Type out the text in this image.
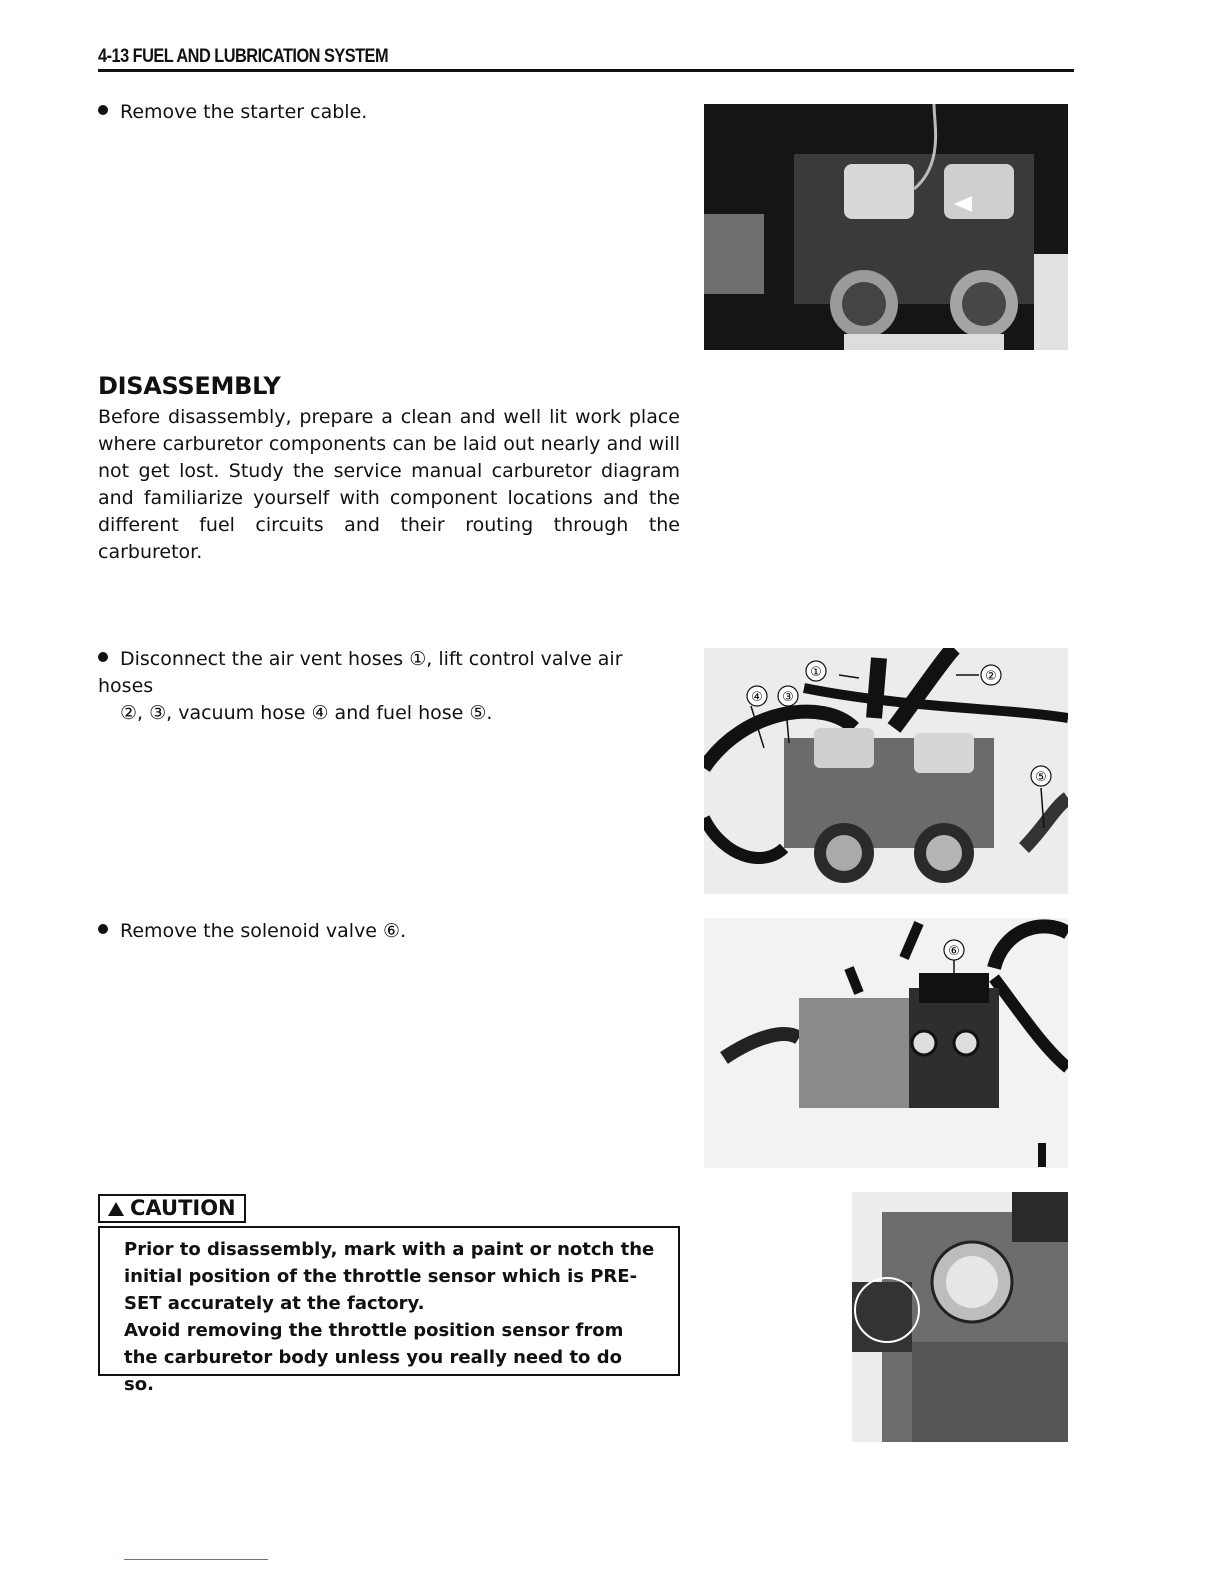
4-13 FUEL AND LUBRICATION SYSTEM
Remove the starter cable.
DISASSEMBLY
Before disassembly, prepare a clean and well lit work place where carburetor components can be laid out nearly and will not get lost. Study the service manual carburetor diagram and familiarize yourself with component locations and the different fuel circuits and their routing through the carburetor.
Disconnect the air vent hoses ①, lift control valve air hoses
②, ③, vacuum hose ④ and fuel hose ⑤.
①	②
④ ③
⑤
Remove the solenoid valve ⑥.
⑥
CAUTION
Prior to disassembly, mark with a paint or notch the initial position of the throttle sensor which is PRE-SET accurately at the factory.
Avoid removing the throttle position sensor from the carburetor body unless you really need to do so.
